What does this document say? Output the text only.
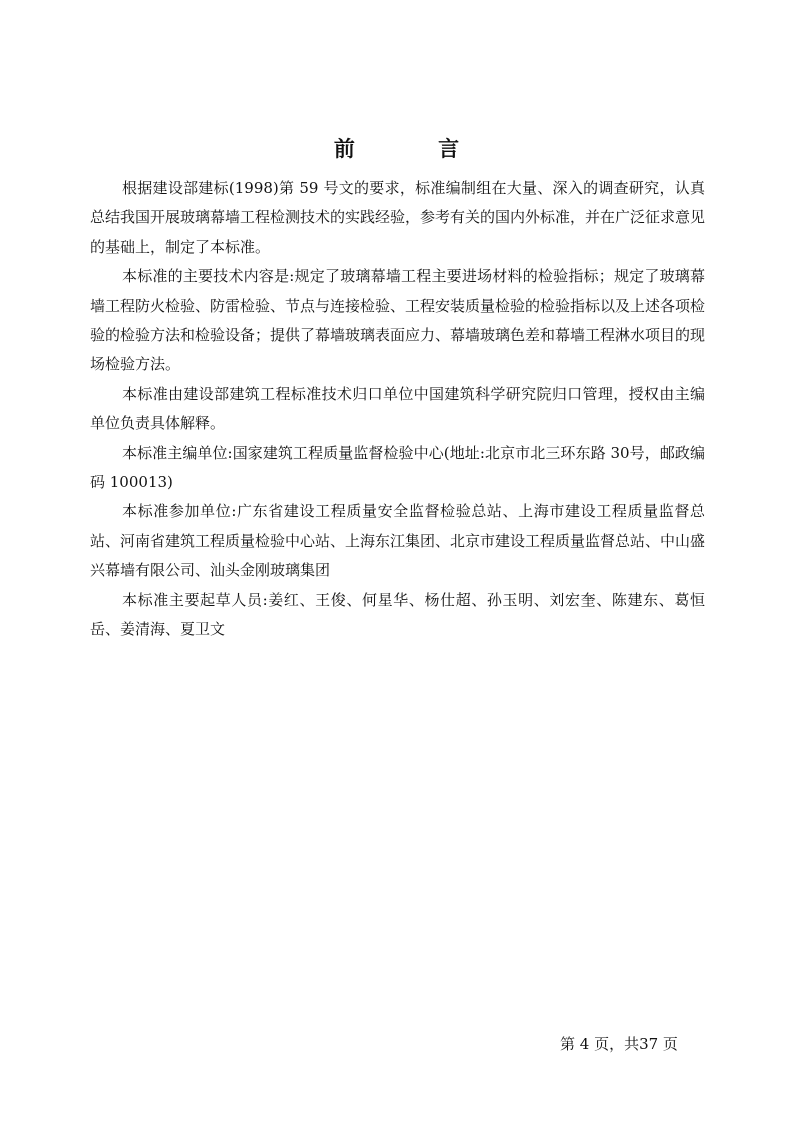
前 言

根据建设部建标(1998)第 59 号文的要求，标准编制组在大量、深入的调查研究，认真总结我国开展玻璃幕墙工程检测技术的实践经验，参考有关的国内外标准，并在广泛征求意见的基础上，制定了本标准。

本标准的主要技术内容是:规定了玻璃幕墙工程主要进场材料的检验指标；规定了玻璃幕墙工程防火检验、防雷检验、节点与连接检验、工程安装质量检验的检验指标以及上述各项检验的检验方法和检验设备；提供了幕墙玻璃表面应力、幕墙玻璃色差和幕墙工程淋水项目的现场检验方法。

本标准由建设部建筑工程标准技术归口单位中国建筑科学研究院归口管理，授权由主编单位负责具体解释。

本标准主编单位:国家建筑工程质量监督检验中心(地址:北京市北三环东路 30号，邮政编码 100013)

本标准参加单位:广东省建设工程质量安全监督检验总站、上海市建设工程质量监督总站、河南省建筑工程质量检验中心站、上海东江集团、北京市建设工程质量监督总站、中山盛兴幕墙有限公司、汕头金刚玻璃集团

本标准主要起草人员:姜红、王俊、何星华、杨仕超、孙玉明、刘宏奎、陈建东、葛恒岳、姜清海、夏卫文

第 4 页，共37 页
